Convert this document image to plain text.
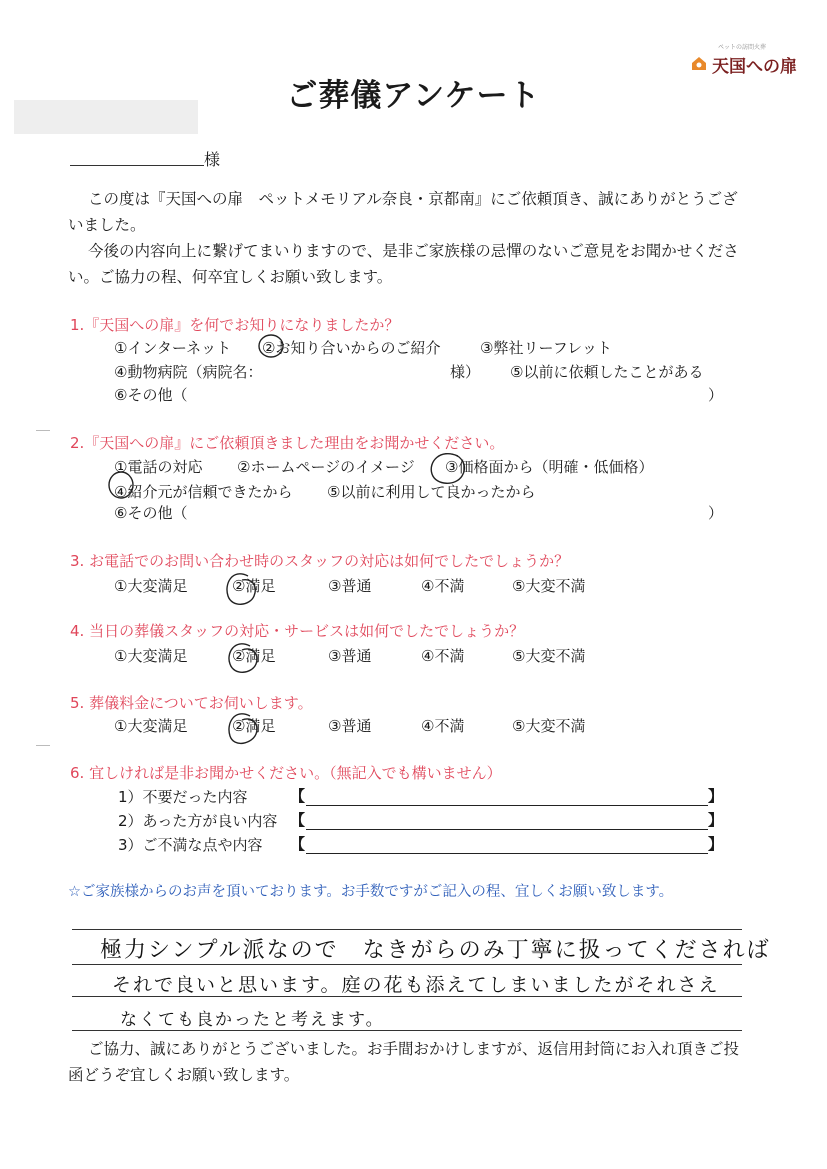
ペットの訪問火葬
天国への扉
ご葬儀アンケート
様
この度は『天国への扉　ペットメモリアル奈良・京都南』にご依頼頂き、誠にありがとうござ
いました。
今後の内容向上に繋げてまいりますので、是非ご家族様の忌憚のないご意見をお聞かせくださ
い。ご協力の程、何卒宜しくお願い致します。
1.『天国への扉』を何でお知りになりましたか？
①インターネット ②お知り合いからのご紹介	③弊社リーフレット
④動物病院（病院名：	様） ⑤以前に依頼したことがある
⑥その他（	）
2.『天国への扉』にご依頼頂きました理由をお聞かせください。
①電話の対応 ②ホームページのイメージ ③価格面から（明確・低価格）
④紹介元が信頼できたから ⑤以前に利用して良かったから
⑥その他（	）
3. お電話でのお問い合わせ時のスタッフの対応は如何でしたでしょうか？
①大変満足	②満足	③普通	④不満	⑤大変不満
4. 当日の葬儀スタッフの対応・サービスは如何でしたでしょうか？
①大変満足	②満足	③普通	④不満	⑤大変不満
5. 葬儀料金についてお伺いします。
①大変満足	②満足	③普通	④不満	⑤大変不満
6. 宜しければ是非お聞かせください。（無記入でも構いません）
1）不要だった内容	【	】
2）あった方が良い内容 【	】
3）ご不満な点や内容 【	】
☆ご家族様からのお声を頂いております。お手数ですがご記入の程、宜しくお願い致します。
極力シンプル派なので　なきがらのみ丁寧に扱ってくだされば
それで良いと思います。庭の花も添えてしまいましたがそれさえ
なくても良かったと考えます。
ご協力、誠にありがとうございました。お手間おかけしますが、返信用封筒にお入れ頂きご投
函どうぞ宜しくお願い致します。
